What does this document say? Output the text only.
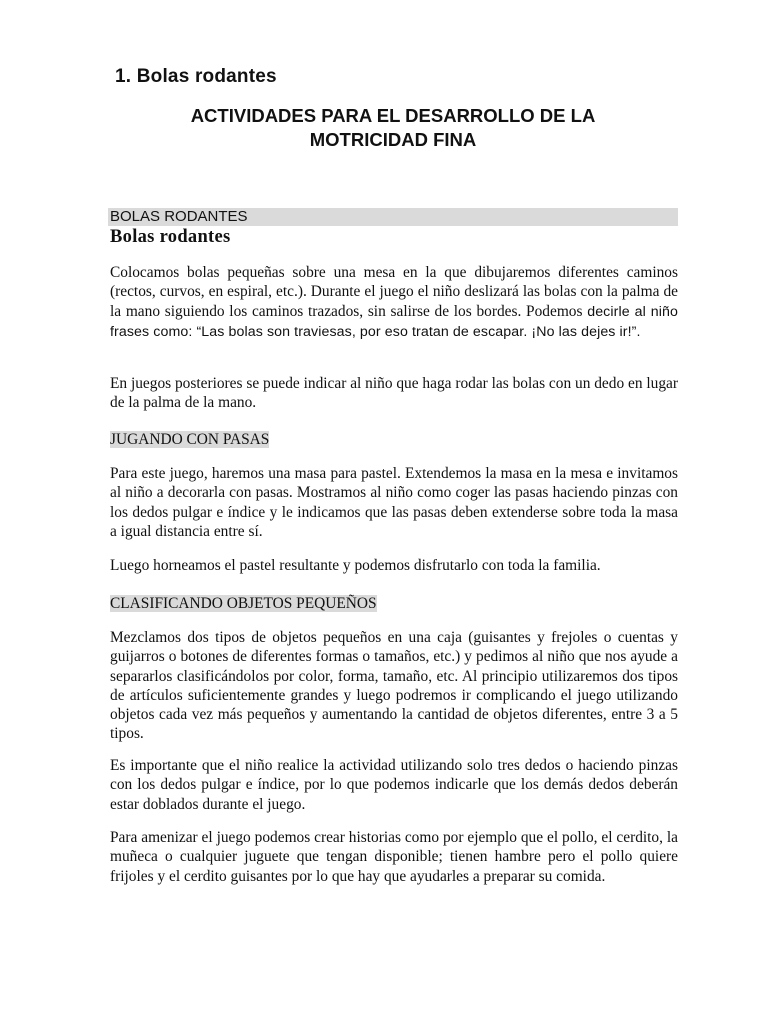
1. Bolas rodantes
ACTIVIDADES PARA EL DESARROLLO DE LA
MOTRICIDAD FINA
BOLAS RODANTES
Bolas rodantes

Colocamos bolas pequeñas sobre una mesa en la que dibujaremos diferentes caminos (rectos, curvos, en espiral, etc.). Durante el juego el niño deslizará las bolas con la palma de la mano siguiendo los caminos trazados, sin salirse de los bordes. Podemos decirle al niño frases como: “Las bolas son traviesas, por eso tratan de escapar. ¡No las dejes ir!”.

En juegos posteriores se puede indicar al niño que haga rodar las bolas con un dedo en lugar de la palma de la mano.

JUGANDO CON PASAS

Para este juego, haremos una masa para pastel. Extendemos la masa en la mesa e invitamos al niño a decorarla con pasas. Mostramos al niño como coger las pasas haciendo pinzas con los dedos pulgar e índice y le indicamos que las pasas deben extenderse sobre toda la masa a igual distancia entre sí.

Luego horneamos el pastel resultante y podemos disfrutarlo con toda la familia.

CLASIFICANDO OBJETOS PEQUEÑOS

Mezclamos dos tipos de objetos pequeños en una caja (guisantes y frejoles o cuentas y guijarros o botones de diferentes formas o tamaños, etc.) y pedimos al niño que nos ayude a separarlos clasificándolos por color, forma, tamaño, etc. Al principio utilizaremos dos tipos de artículos suficientemente grandes y luego podremos ir complicando el juego utilizando objetos cada vez más pequeños y aumentando la cantidad de objetos diferentes, entre 3 a 5 tipos.

Es importante que el niño realice la actividad utilizando solo tres dedos o haciendo pinzas con los dedos pulgar e índice, por lo que podemos indicarle que los demás dedos deberán estar doblados durante el juego.

Para amenizar el juego podemos crear historias como por ejemplo que el pollo, el cerdito, la muñeca o cualquier juguete que tengan disponible; tienen hambre pero el pollo quiere frijoles y el cerdito guisantes por lo que hay que ayudarles a preparar su comida.
